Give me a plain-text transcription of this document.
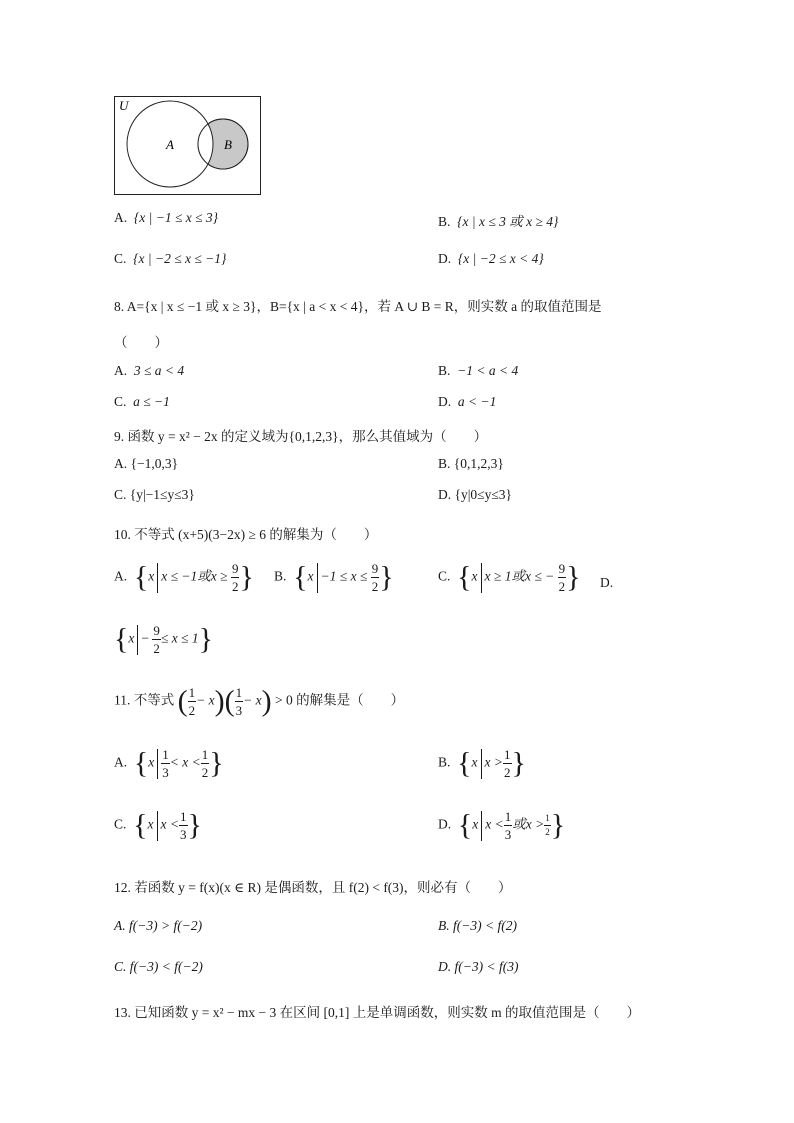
U
A	B
A. {x | −1 ≤ x ≤ 3}	B. {x | x ≤ 3 或 x ≥ 4}
C. {x | −2 ≤ x ≤ −1}	D. {x | −2 ≤ x < 4}
8. A={x | x ≤ −1 或 x ≥ 3}，B={x | a < x < 4}，若 A ∪ B = R，则实数 a 的取值范围是
（　　）
A. 3 ≤ a < 4	B. −1 < a < 4
C. a ≤ −1	D. a < −1
9. 函数 y = x² − 2x 的定义域为{0,1,2,3}，那么其值域为（　　）
A. {−1,0,3}	B. {0,1,2,3}
C. {y|−1≤y≤3}	D. {y|0≤y≤3}
10. 不等式 (x+5)(3−2x) ≥ 6 的解集为（　　）
A. {x x ≤ −1或$x \ge \frac{9}{2}$ } B. {$x -1 \le x \le \frac{9}{2}$ }	C. {x x ≥ 1或x ≤ − $\frac{9}{2}$ } D.
$\{x - \frac{9}{2} \le x \le 1\}$
11. 不等式 ( $\frac{1}{2} - x)( \frac{1}{3} - x) > 0$ 的解集是（　　）
A. {$x \frac{1}{3} < x < \frac{1}{2}$ }	B. {x $x > \frac{1}{2}$ }
C. {x $x < \frac{1}{3}$ }	D. {x $x < \frac{1}{3}$ 或$x > \frac{1}{2}$ }
12. 若函数 y = f(x)(x ∈ R) 是偶函数，且 f(2) < f(3)，则必有（　　）
A. f(−3) > f(−2)	B. f(−3) < f(2)
C. f(−3) < f(−2)	D. f(−3) < f(3)
13. 已知函数 y = x² − mx − 3 在区间 [0,1] 上是单调函数，则实数 m 的取值范围是（　　）
